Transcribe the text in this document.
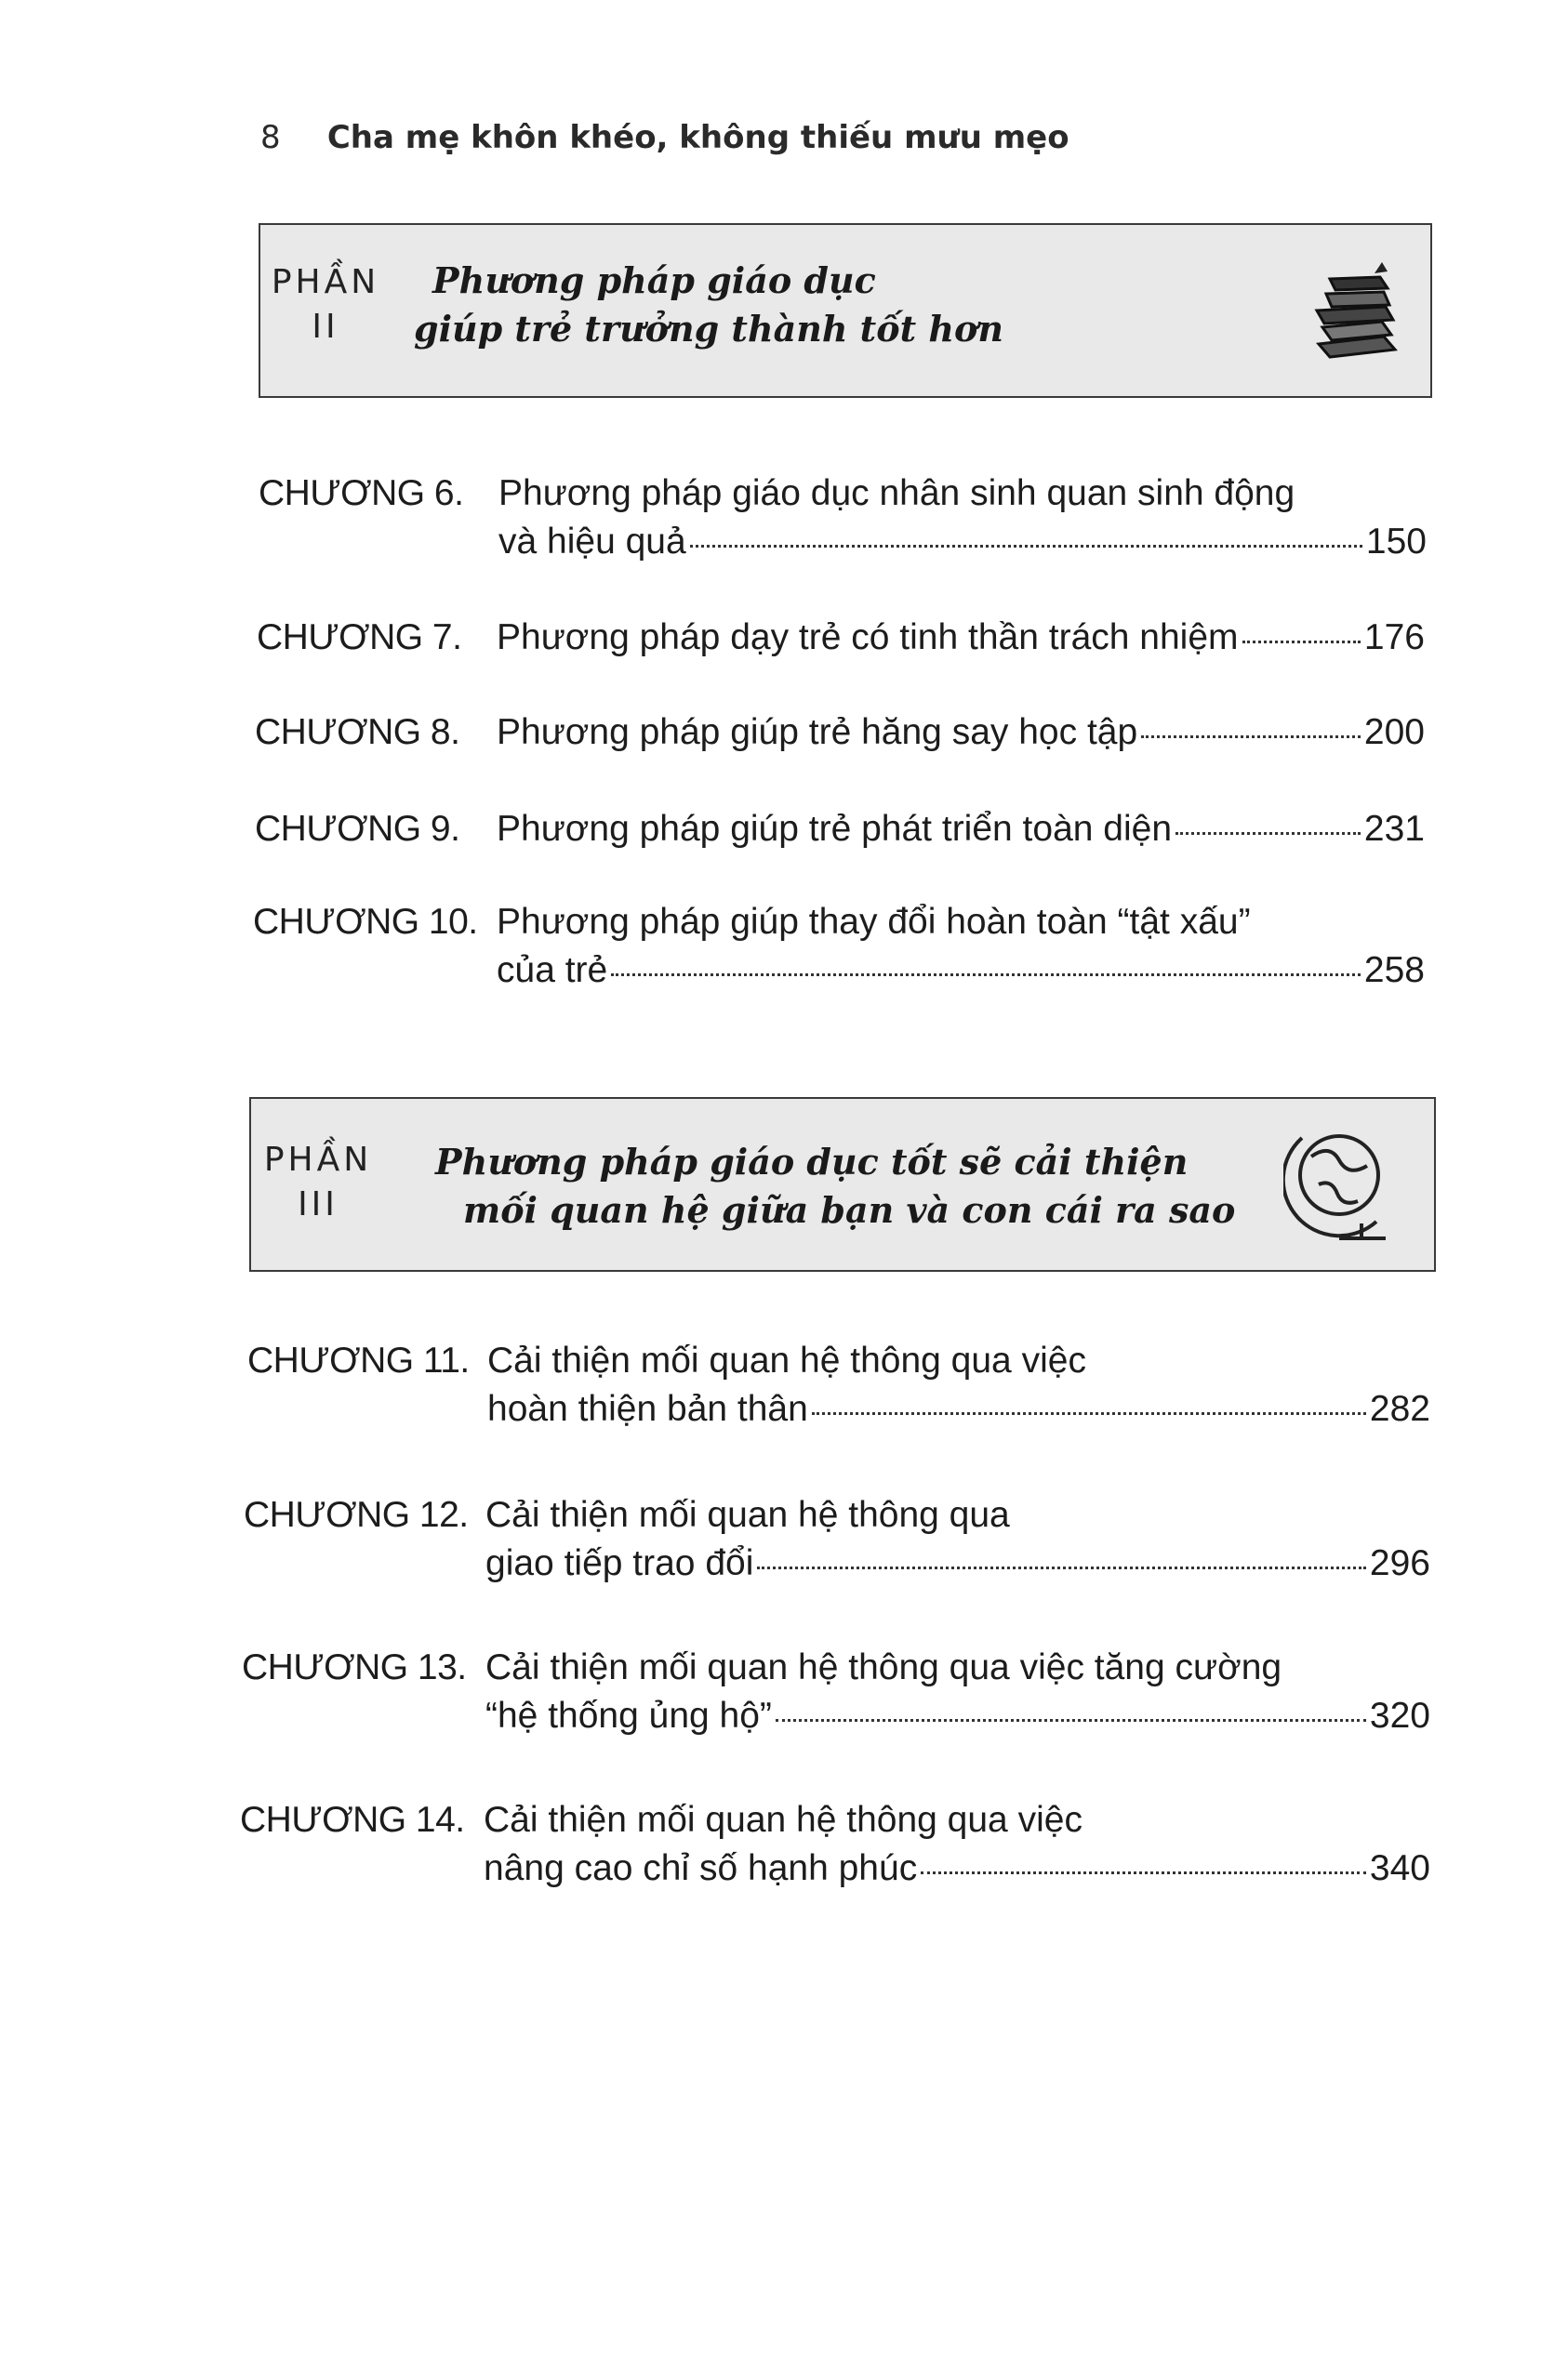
8 Cha mẹ khôn khéo, không thiếu mưu mẹo
PHẦN
II
Phương pháp giáo dục
giúp trẻ trưởng thành tốt hơn
PHẦN
III
Phương pháp giáo dục tốt sẽ cải thiện
mối quan hệ giữa bạn và con cái ra sao
CHƯƠNG 6. Phương pháp giáo dục nhân sinh quan sinh động
và hiệu quả	150
CHƯƠNG 7. Phương pháp dạy trẻ có tinh thần trách nhiệm	176
CHƯƠNG 8. Phương pháp giúp trẻ hăng say học tập	200
CHƯƠNG 9. Phương pháp giúp trẻ phát triển toàn diện	231
CHƯƠNG 10. Phương pháp giúp thay đổi hoàn toàn “tật xấu”
của trẻ	258
CHƯƠNG 11. Cải thiện mối quan hệ thông qua việc
hoàn thiện bản thân	282
CHƯƠNG 12. Cải thiện mối quan hệ thông qua
giao tiếp trao đổi	296
CHƯƠNG 13. Cải thiện mối quan hệ thông qua việc tăng cường
“hệ thống ủng hộ”	320
CHƯƠNG 14. Cải thiện mối quan hệ thông qua việc
nâng cao chỉ số hạnh phúc	340
